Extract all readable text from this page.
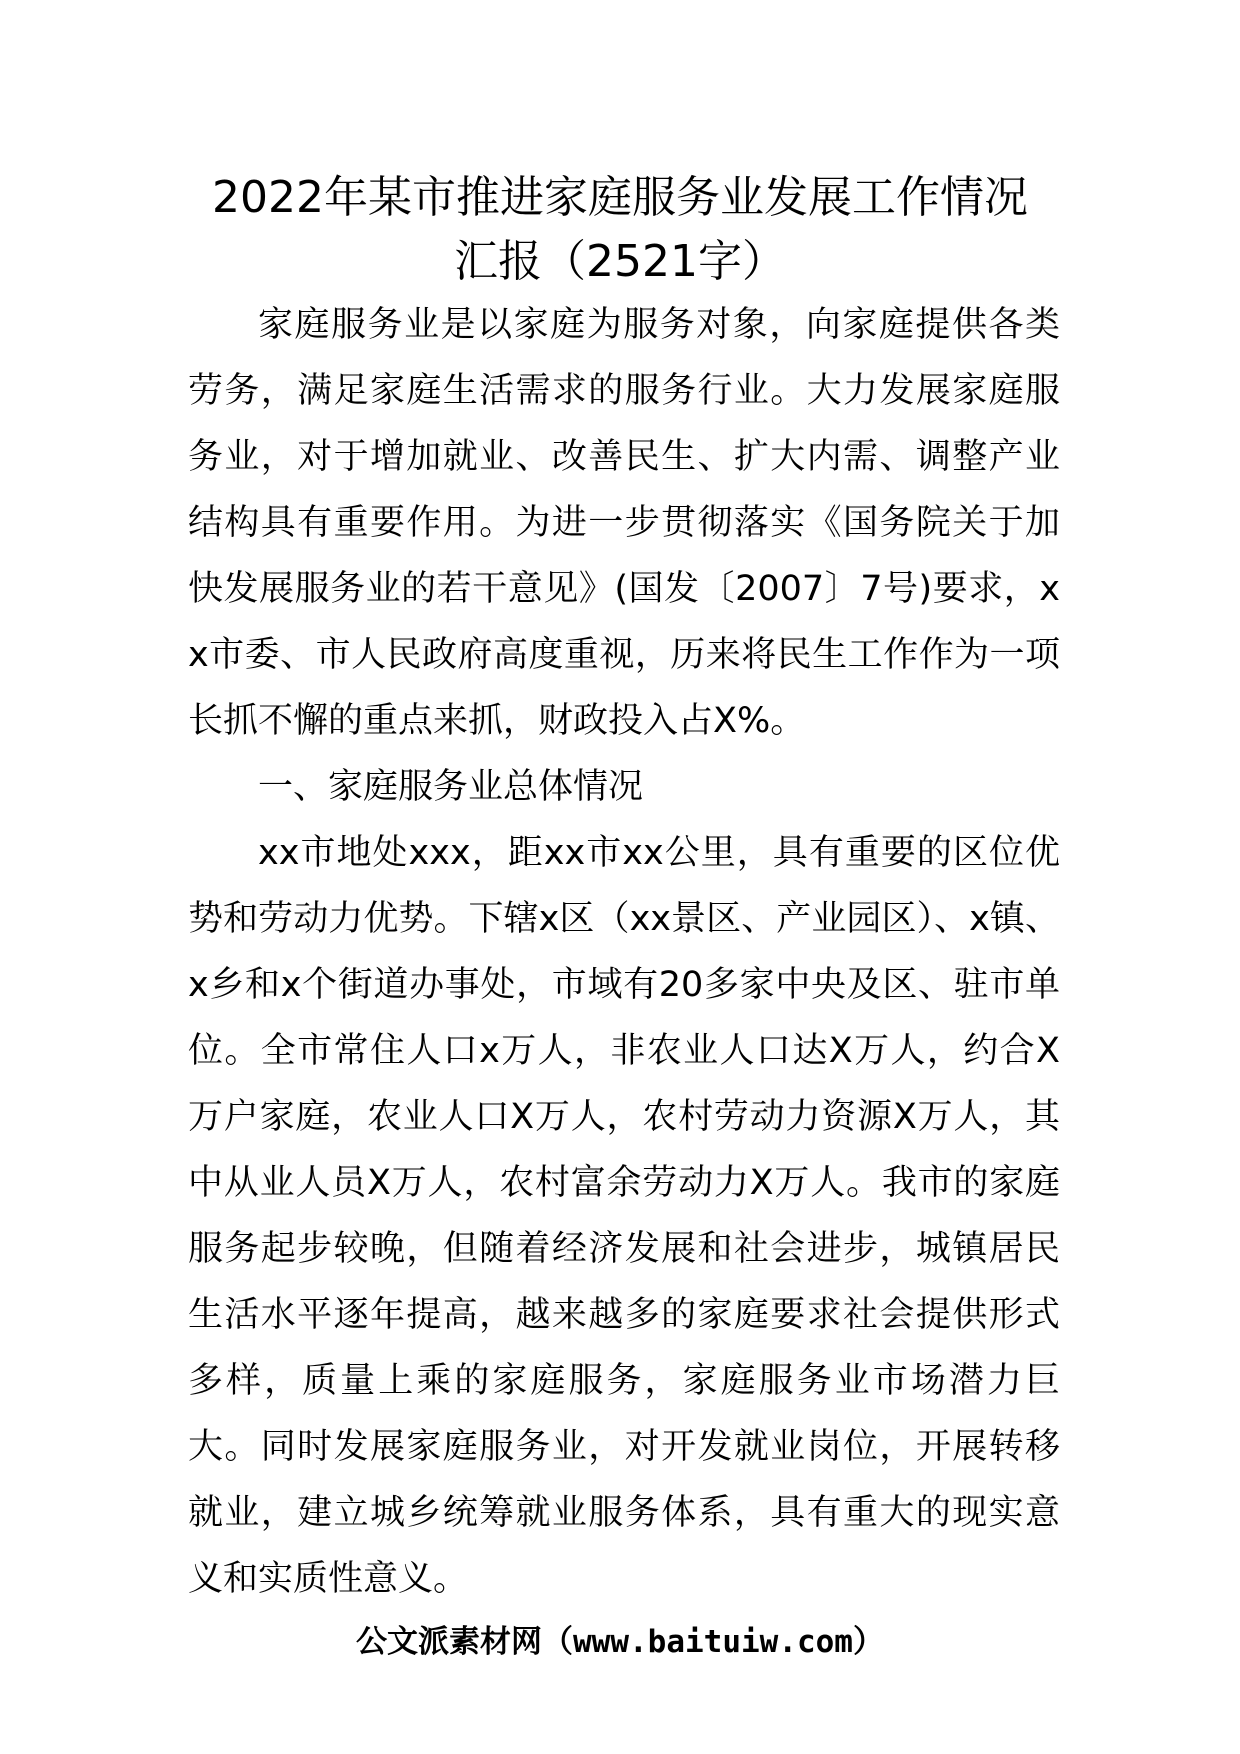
2022年某市推进家庭服务业发展工作情况
汇报（2521字）

家庭服务业是以家庭为服务对象，向家庭提供各类劳务，满足家庭生活需求的服务行业。大力发展家庭服务业，对于增加就业、改善民生、扩大内需、调整产业结构具有重要作用。为进一步贯彻落实《国务院关于加快发展服务业的若干意见》(国发〔2007〕7号)要求，xx市委、市人民政府高度重视，历来将民生工作作为一项长抓不懈的重点来抓，财政投入占X%。

一、家庭服务业总体情况

xx市地处xxx，距xx市xx公里，具有重要的区位优势和劳动力优势。下辖x区（xx景区、产业园区）、x镇、x乡和x个街道办事处，市域有20多家中央及区、驻市单位。全市常住人口x万人，非农业人口达X万人，约合X万户家庭，农业人口X万人，农村劳动力资源X万人，其中从业人员X万人，农村富余劳动力X万人。我市的家庭服务起步较晚，但随着经济发展和社会进步，城镇居民生活水平逐年提高，越来越多的家庭要求社会提供形式多样，质量上乘的家庭服务，家庭服务业市场潜力巨大。同时发展家庭服务业，对开发就业岗位，开展转移就业，建立城乡统筹就业服务体系，具有重大的现实意义和实质性意义。

公文派素材网（www.baituiw.com）
